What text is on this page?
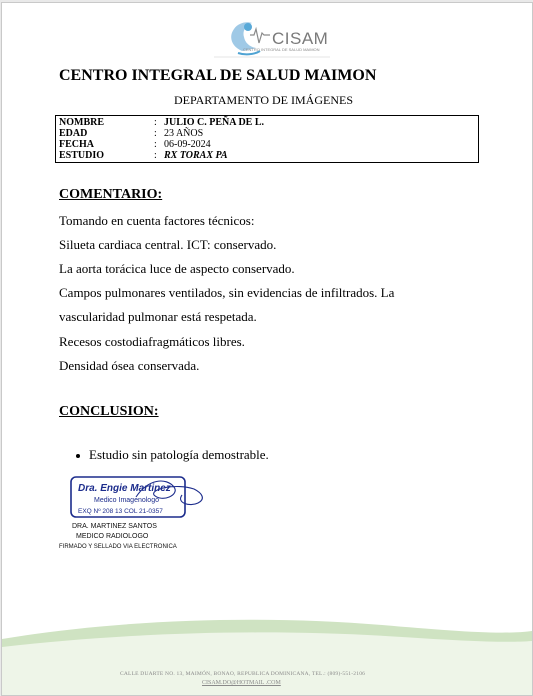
CISAM
CENTRO INTEGRAL DE SALUD MAIMON
CENTRO INTEGRAL DE SALUD MAIMON
DEPARTAMENTO DE IMÁGENES
NOMBRE	: JULIO C. PEÑA DE L.
EDAD	: 23 AÑOS
FECHA	: 06-09-2024
ESTUDIO	: RX TORAX PA
COMENTARIO:
Tomando en cuenta factores técnicos:
Silueta cardiaca central. ICT: conservado.
La aorta torácica luce de aspecto conservado.
Campos pulmonares ventilados, sin evidencias de infiltrados. La
vascularidad pulmonar está respetada.
Recesos costodiafragmáticos libres.
Densidad ósea conservada.
CONCLUSION:
Estudio sin patología demostrable.
Dra. Engie Martinez
Medico Imagenologo
EXQ Nº 208 13 COL 21-0357
DRA. MARTINEZ SANTOS
MEDICO RADIOLOGO
FIRMADO Y SELLADO VIA ELECTRONICA
CALLE DUARTE NO. 13, MAIMÓN, BONAO, REPUBLICA DOMINICANA, TEL.: (809)-551-2106
CISAM.DO@HOTMAIL .COM
